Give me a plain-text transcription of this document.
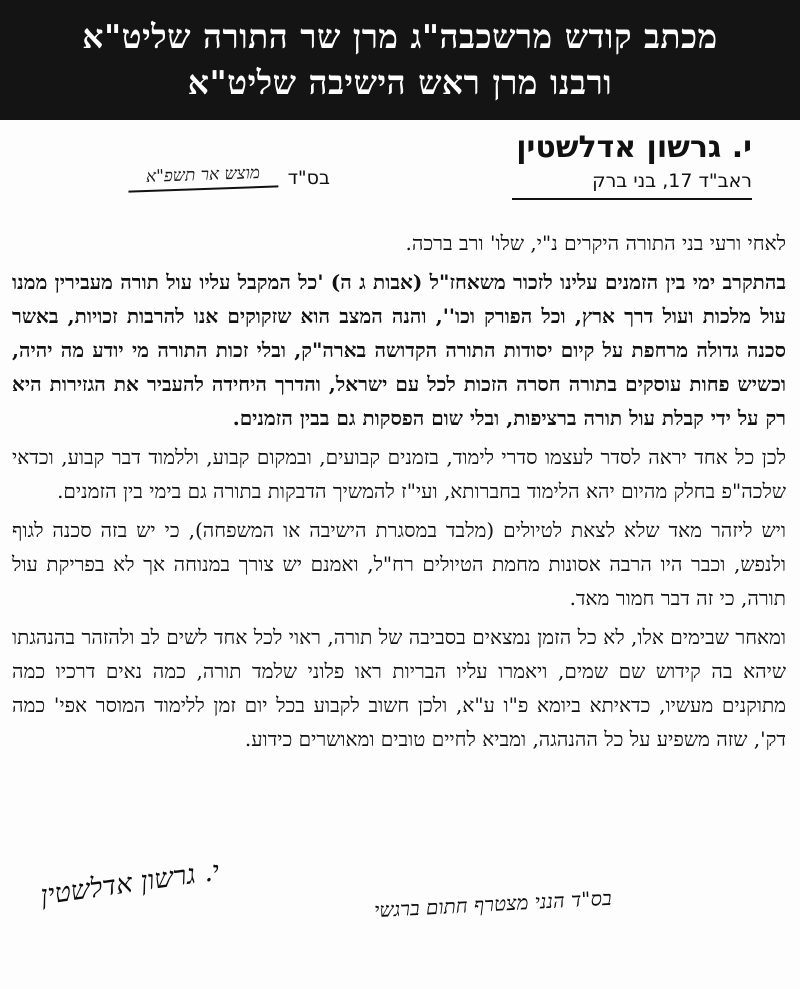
מכתב קודש מרשכבה"ג מרן שר התורה שליט"א
ורבנו מרן ראש הישיבה שליט"א
י. גרשון אדלשטין
ראב"ד 17, בני ברק
בס"ד
מוצש אר תשפ"א

לאחי ורעי בני התורה היקרים נ"י, שלו' ורב ברכה.

בהתקרב ימי בין הזמנים עלינו לזכור משאחז"ל (אבות ג ה) 'כל המקבל עליו עול תורה מעבירין ממנו עול מלכות ועול דרך ארץ, וכל הפורק וכו'', והנה המצב הוא שזקוקים אנו להרבות זכויות, באשר סכנה גדולה מרחפת על קיום יסודות התורה הקדושה בארה"ק, ובלי זכות התורה מי יודע מה יהיה, וכשיש פחות עוסקים בתורה חסרה הזכות לכל עם ישראל, והדרך היחידה להעביר את הגזירות היא רק על ידי קבלת עול תורה ברציפות, ובלי שום הפסקות גם בבין הזמנים.

לכן כל אחד יראה לסדר לעצמו סדרי לימוד, בזמנים קבועים, ובמקום קבוע, וללמוד דבר קבוע, וכדאי שלכה"פ בחלק מהיום יהא הלימוד בחברותא, ועי"ז להמשיך הדבקות בתורה גם בימי בין הזמנים.

ויש ליזהר מאד שלא לצאת לטיולים (מלבד במסגרת הישיבה או המשפחה), כי יש בזה סכנה לגוף ולנפש, וכבר היו הרבה אסונות מחמת הטיולים רח"ל, ואמנם יש צורך במנוחה אך לא בפריקת עול תורה, כי זה דבר חמור מאד.

ומאחר שבימים אלו, לא כל הזמן נמצאים בסביבה של תורה, ראוי לכל אחד לשים לב ולהזהר בהנהגתו שיהא בה קידוש שם שמים, ויאמרו עליו הבריות ראו פלוני שלמד תורה, כמה נאים דרכיו כמה מתוקנים מעשיו, כדאיתא ביומא פ"ו ע"א, ולכן חשוב לקבוע בכל יום זמן ללימוד המוסר אפי' כמה דק', שזה משפיע על כל ההנהגה, ומביא לחיים טובים ומאושרים כידוע.

י. גרשון אדלשטין	בס"ד הנני מצטרף חתום ברגשי
